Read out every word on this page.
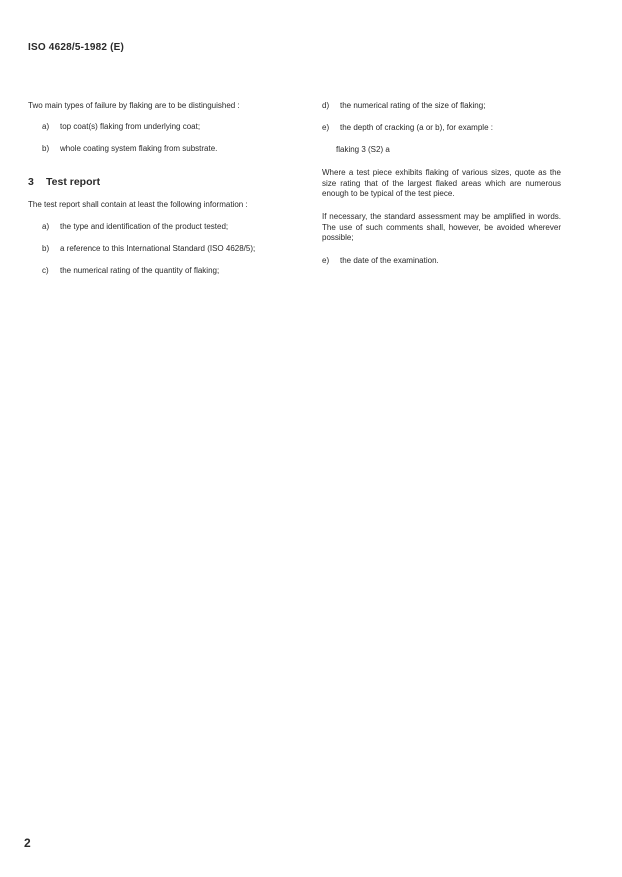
ISO 4628/5-1982 (E)
Two main types of failure by flaking are to be distinguished :
a) top coat(s) flaking from underlying coat;
b) whole coating system flaking from substrate.
3 Test report
The test report shall contain at least the following information :
a) the type and identification of the product tested;
b) a reference to this International Standard (ISO 4628/5);
c) the numerical rating of the quantity of flaking;
d) the numerical rating of the size of flaking;
e) the depth of cracking (a or b), for example :
flaking 3 (S2) a
Where a test piece exhibits flaking of various sizes, quote as the size rating that of the largest flaked areas which are numerous enough to be typical of the test piece.
If necessary, the standard assessment may be amplified in words. The use of such comments shall, however, be avoided wherever possible;
e) the date of the examination.
2
